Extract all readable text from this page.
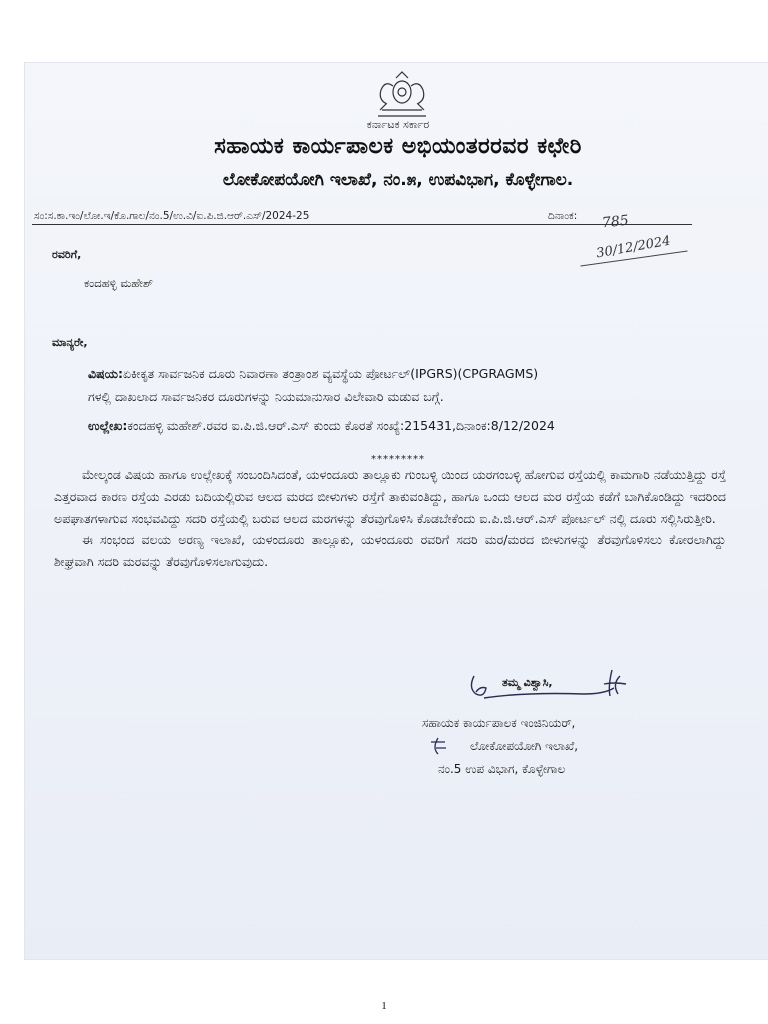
ಕರ್ನಾಟಕ ಸರ್ಕಾರ
ಸಹಾಯಕ ಕಾರ್ಯಪಾಲಕ ಅಭಿಯಂತರರವರ ಕಛೇರಿ
ಲೋಕೋಪಯೋಗಿ ಇಲಾಖೆ, ನಂ.೫, ಉಪವಿಭಾಗ, ಕೊಳ್ಳೇಗಾಲ.
ಸಂ:ಸ.ಕಾ.ಇಂ/ಲೋ.ಇ/ಕೊ.ಗಾಲ/ನಂ.5/ಉ.ವಿ/ಐ.ಪಿ.ಜಿ.ಆರ್.ಎಸ್/2024-25	ದಿನಾಂಕ: 785
30/12/2024
ರವರಿಗೆ,
ಕಂದಹಳ್ಳಿ ಮಹೇಶ್
ಮಾನ್ಯರೇ,
ವಿಷಯ:ಏಕೀಕೃತ ಸಾರ್ವಜನಿಕ ದೂರು ನಿವಾರಣಾ ತಂತ್ರಾಂಶ ವ್ಯವಸ್ಥೆಯ ಪೋರ್ಟಲ್(IPGRS)(CPGRAGMS)
ಗಳಲ್ಲಿ ದಾಖಲಾದ ಸಾರ್ವಜನಿಕರ ದೂರುಗಳನ್ನು ನಿಯಮಾನುಸಾರ ವಿಲೇವಾರಿ ಮಡುವ ಬಗ್ಗೆ.
ಉಲ್ಲೇಖ:ಕಂದಹಳ್ಳಿ ಮಹೇಶ್.ರವರ ಐ.ಪಿ.ಜಿ.ಆರ್.ಎಸ್ ಕುಂದು ಕೊರತೆ ಸಂಖ್ಯೆ:215431,ದಿನಾಂಕ:8/12/2024
*********
ಮೇಲ್ಕಂಡ ವಿಷಯ ಹಾಗೂ ಉಲ್ಲೇಖಕ್ಕೆ ಸಂಬಂದಿಸಿದಂತೆ, ಯಳಂದೂರು ತಾಲ್ಲೂಕು ಗುಂಬಳ್ಳಿ ಯಿಂದ ಯರಗಂಬಳ್ಳಿ ಹೋಗುವ ರಸ್ತೆಯಲ್ಲಿ ಕಾಮಗಾರಿ ನಡೆಯುತ್ತಿದ್ದು ರಸ್ತೆ ಎತ್ತರವಾದ ಕಾರಣ ರಸ್ತೆಯ ಎರಡು ಬದಿಯಲ್ಲಿರುವ ಆಲದ ಮರದ ಬೀಳುಗಳು ರಸ್ತೆಗೆ ತಾಕುವಂತಿದ್ದು, ಹಾಗೂ ಒಂದು ಆಲದ ಮರ ರಸ್ತೆಯ ಕಡೆಗೆ ಬಾಗಿಕೊಂಡಿದ್ದು ಇದರಿಂದ ಅಪಘಾತಗಳಾಗುವ ಸಂಭವವಿದ್ದು ಸದರಿ ರಸ್ತೆಯಲ್ಲಿ ಬರುವ ಆಲದ ಮರಗಳನ್ನು ತೆರವುಗೊಳಿಸಿ ಕೊಡಬೇಕೆಂದು ಐ.ಪಿ.ಜಿ.ಆರ್.ಎಸ್ ಪೋರ್ಟಲ್ ನಲ್ಲಿ ದೂರು ಸಲ್ಲಿಸಿರುತ್ತೀರಿ.
ಈ ಸಂಭಂದ ವಲಯ ಅರಣ್ಯ ಇಲಾಖೆ, ಯಳಂದೂರು ತಾಲ್ಲೂಕು, ಯಳಂದೂರು ರವರಿಗೆ ಸದರಿ ಮರ/ಮರದ ಬೀಳುಗಳನ್ನು ತೆರವುಗೊಳಿಸಲು ಕೋರಲಾಗಿದ್ದು ಶೀಘ್ರವಾಗಿ ಸದರಿ ಮರವನ್ನು ತೆರವುಗೊಳಿಸಲಾಗುವುದು.
ತಮ್ಮ ವಿಶ್ವಾಸಿ,
ಸಹಾಯಕ ಕಾರ್ಯಪಾಲಕ ಇಂಜಿನಿಯರ್,
ಲೋಕೋಪಯೋಗಿ ಇಲಾಖೆ,
ನಂ.5 ಉಪ ವಿಭಾಗ, ಕೊಳ್ಳೇಗಾಲ
1
